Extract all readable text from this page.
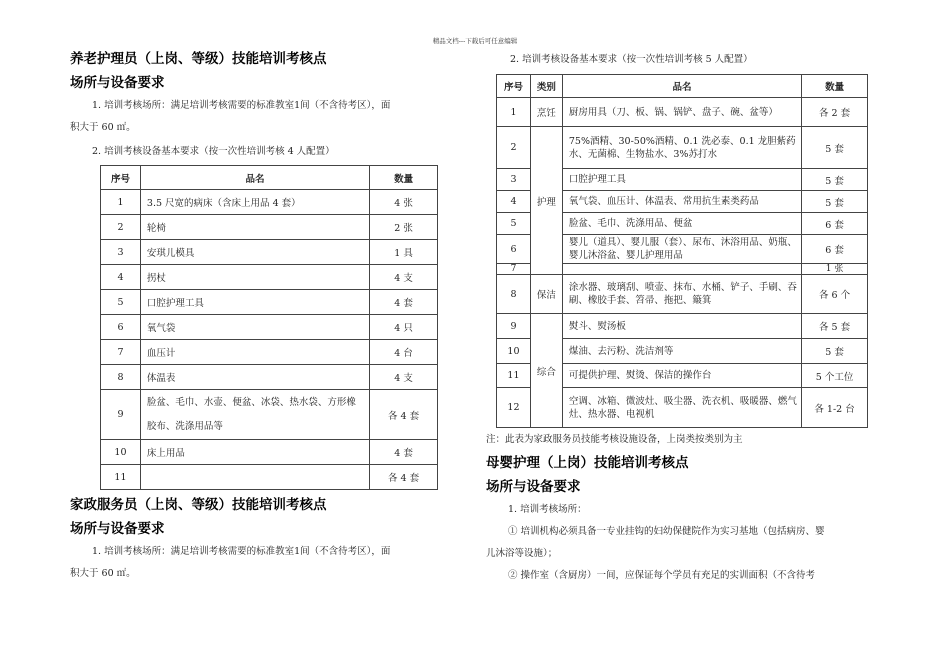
精品文档---下载后可任意编辑
养老护理员（上岗、等级）技能培训考核点
场所与设备要求

1. 培训考核场所：满足培训考核需要的标准教室1间（不含待考区），面

积大于 60 ㎡。

2. 培训考核设备基本要求（按一次性培训考核 4 人配置）

序号	品名	数量
1	3.5 尺宽的病床（含床上用品 4 套）	4 张
2	轮椅	2 张
3	安琪儿模具	1 具
4	拐杖	4 支
5	口腔护理工具	4 套
6	氧气袋	4 只
7	血压计	4 台
8	体温表	4 支
9	脸盆、毛巾、水壶、便盆、冰袋、热水袋、方形橡胶布、洗涤用品等	各 4 套
10	床上用品	4 套
11		各 4 套
家政服务员（上岗、等级）技能培训考核点
场所与设备要求

1. 培训考核场所：满足培训考核需要的标准教室1间（不含待考区），面

积大于 60 ㎡。

2. 培训考核设备基本要求（按一次性培训考核 5 人配置）

序号	类别	品名	数量
1	烹饪	厨房用具（刀、板、锅、锅铲、盘子、碗、盆等）	各 2 套
2	护理	75%酒精、30-50%酒精、0.1 洗必泰、0.1 龙胆紫药水、无菌棉、生物盐水、3%苏打水	5 套
3		口腔护理工具	5 套
4		氧气袋、血压计、体温表、常用抗生素类药品	5 套
5		脸盆、毛巾、洗涤用品、便盆	6 套
6		婴儿（道具）、婴儿服（套）、尿布、沐浴用品、奶瓶、婴儿沐浴盆、婴儿护理用品	6 套
7			1 张
8	保洁	涂水器、玻璃刮、喷壶、抹布、水桶、铲子、手刷、吞刷、橡胶手套、笤帚、拖把、簸箕	各 6 个
9	综合	熨斗、熨汤板	各 5 套
10		煤油、去污粉、洗洁剂等	5 套
11		可提供护理、熨烫、保洁的操作台	5 个工位
12		空调、冰箱、微波灶、吸尘器、洗衣机、吸暖器、燃气灶、热水器、电视机	各 1-2 台

注：此表为家政服务员技能考核设施设备，上岗类按类别为主

母婴护理（上岗）技能培训考核点
场所与设备要求

1. 培训考核场所：

① 培训机构必须具备一专业挂钩的妇幼保健院作为实习基地（包括病房、婴

儿沐浴等设施）；

② 操作室（含厨房）一间，应保证每个学员有充足的实训面积（不含待考
